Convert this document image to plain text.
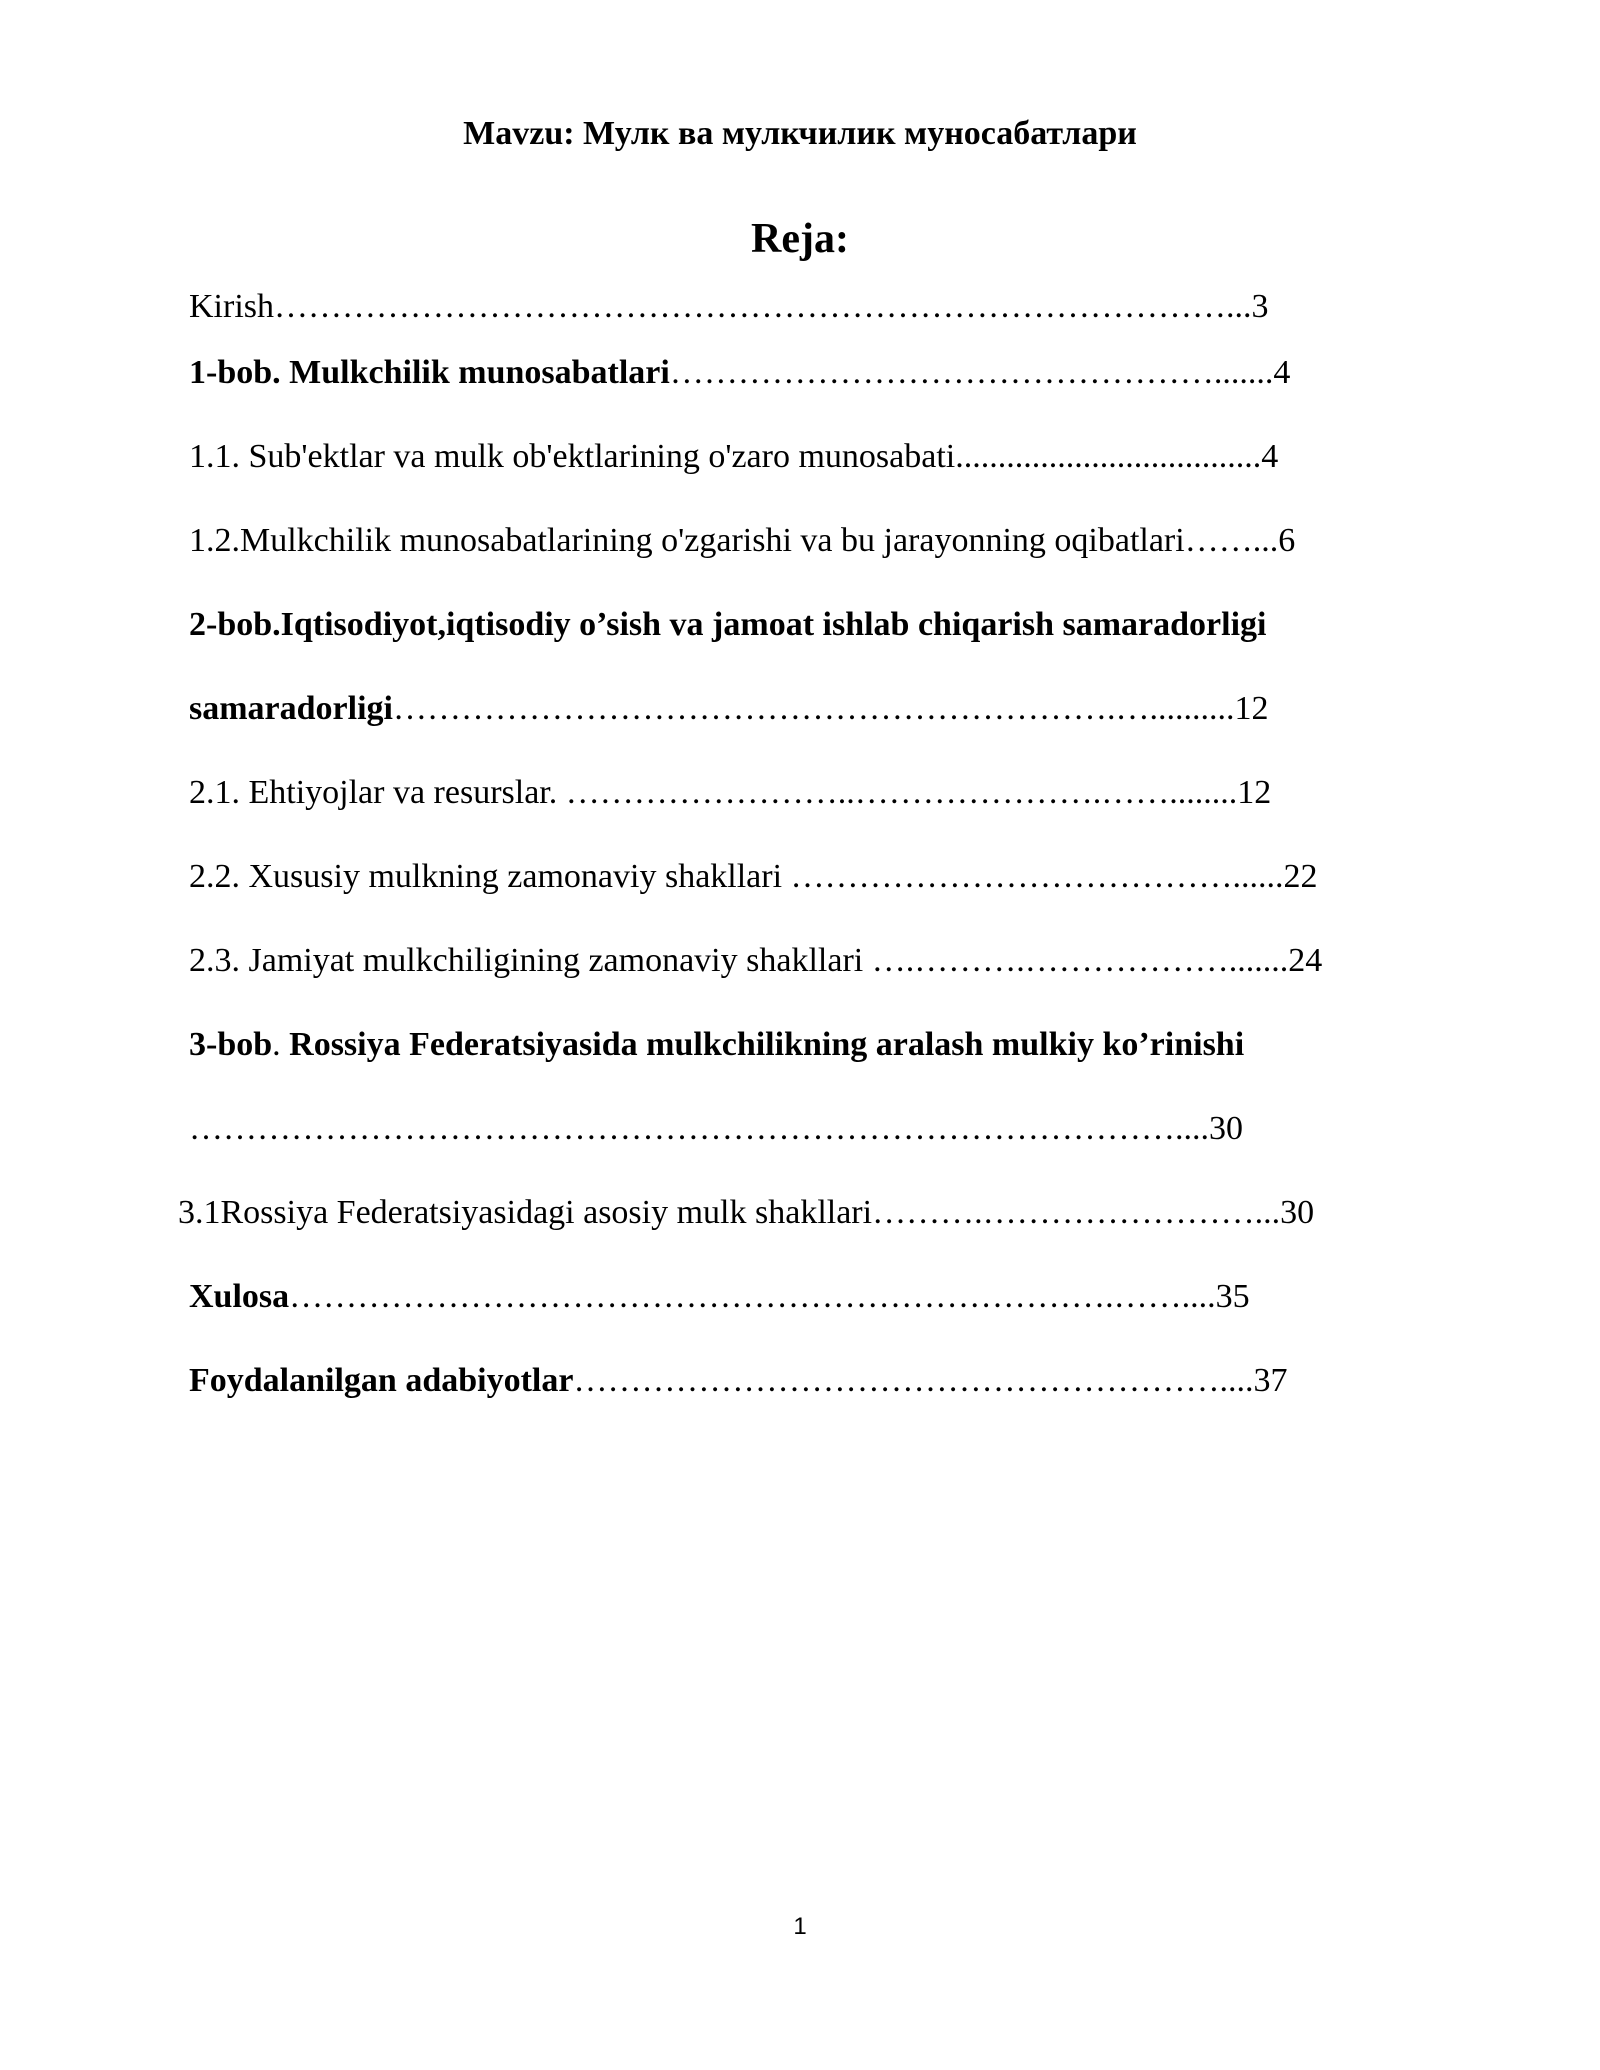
Mavzu: Мулк ва мулкчилик муносабатлари
Reja:
Kirish…………………………………………………………………………...3
1-bob. Mulkchilik munosabatlari………………………………………….......4
1.1. Sub'ektlar va mulk ob'ektlarining o'zaro munosabati....................................4
1.2.Mulkchilik munosabatlarining o'zgarishi va bu jarayonning oqibatlari……...6
2-bob.Iqtisodiyot,iqtisodiy o’sish va jamoat ishlab chiqarish samaradorligi
samaradorligi……………………………………………………….…..........12
2.1. Ehtiyojlar va resurslar. ……………………..………………….……........12
2.2. Xususiy mulkning zamonaviy shakllari …………………………………......22
2.3. Jamiyat mulkchiligining zamonaviy shakllari ….……….……………….......24
3-bob. Rossiya Federatsiyasida mulkchilikning aralash mulkiy ko’rinishi
……………………………………………………………………………....30
3.1Rossiya Federatsiyasidagi asosiy mulk shakllari……….……………………...30
Xulosa……………………………………………………………….……....35
Foydalanilgan adabiyotlar…………………………………………………....37
1
